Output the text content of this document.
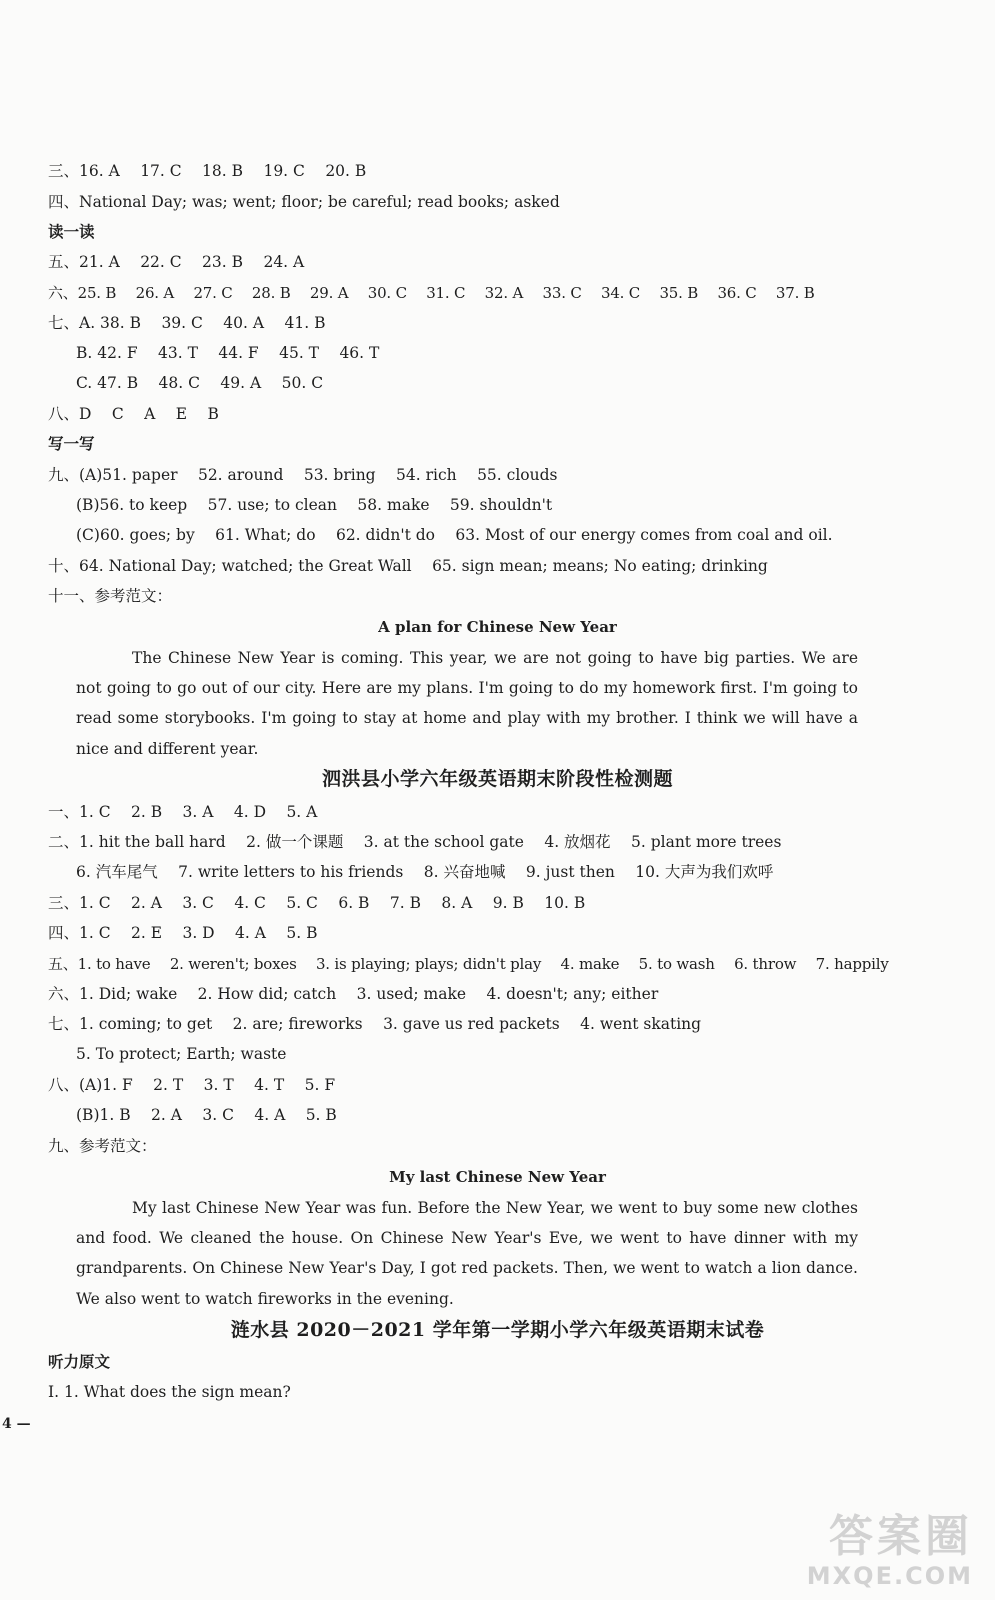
三、16. A　 17. C　 18. B　 19. C　 20. B
四、National Day; was; went; floor; be careful; read books; asked
读一读
五、21. A　 22. C　 23. B　 24. A
六、25. B　 26. A　 27. C　 28. B　 29. A　 30. C　 31. C　 32. A　 33. C　 34. C　 35. B　 36. C　 37. B
七、A. 38. B　 39. C　 40. A　 41. B
B. 42. F　 43. T　 44. F　 45. T　 46. T
C. 47. B　 48. C　 49. A　 50. C
八、D　 C　 A　 E　 B
写一写
九、(A)51. paper　 52. around　 53. bring　 54. rich　 55. clouds
(B)56. to keep　 57. use; to clean　 58. make　 59. shouldn't
(C)60. goes; by　 61. What; do　 62. didn't do　 63. Most of our energy comes from coal and oil.
十、64. National Day; watched; the Great Wall　 65. sign mean; means; No eating; drinking
十一、参考范文：
A plan for Chinese New Year
The Chinese New Year is coming. This year, we are not going to have big parties. We are not going to go out of our city. Here are my plans. I'm going to do my homework first. I'm going to read some storybooks. I'm going to stay at home and play with my brother. I think we will have a nice and different year.
泗洪县小学六年级英语期末阶段性检测题
一、1. C　 2. B　 3. A　 4. D　 5. A
二、1. hit the ball hard　 2. 做一个课题　 3. at the school gate　 4. 放烟花　 5. plant more trees
6. 汽车尾气　 7. write letters to his friends　 8. 兴奋地喊　 9. just then　 10. 大声为我们欢呼
三、1. C　 2. A　 3. C　 4. C　 5. C　 6. B　 7. B　 8. A　 9. B　 10. B
四、1. C　 2. E　 3. D　 4. A　 5. B
五、1. to have　 2. weren't; boxes　 3. is playing; plays; didn't play　 4. make　 5. to wash　 6. throw　 7. happily
六、1. Did; wake　 2. How did; catch　 3. used; make　 4. doesn't; any; either
七、1. coming; to get　 2. are; fireworks　 3. gave us red packets　 4. went skating
5. To protect; Earth; waste
八、(A)1. F　 2. T　 3. T　 4. T　 5. F
(B)1. B　 2. A　 3. C　 4. A　 5. B
九、参考范文：
My last Chinese New Year
My last Chinese New Year was fun. Before the New Year, we went to buy some new clothes and food. We cleaned the house. On Chinese New Year's Eve, we went to have dinner with my grandparents. On Chinese New Year's Day, I got red packets. Then, we went to watch a lion dance. We also went to watch fireworks in the evening.
涟水县 2020－2021 学年第一学期小学六年级英语期末试卷
听力原文
Ⅰ. 1. What does the sign mean?
4 —
答案圈
MXQE.COM
